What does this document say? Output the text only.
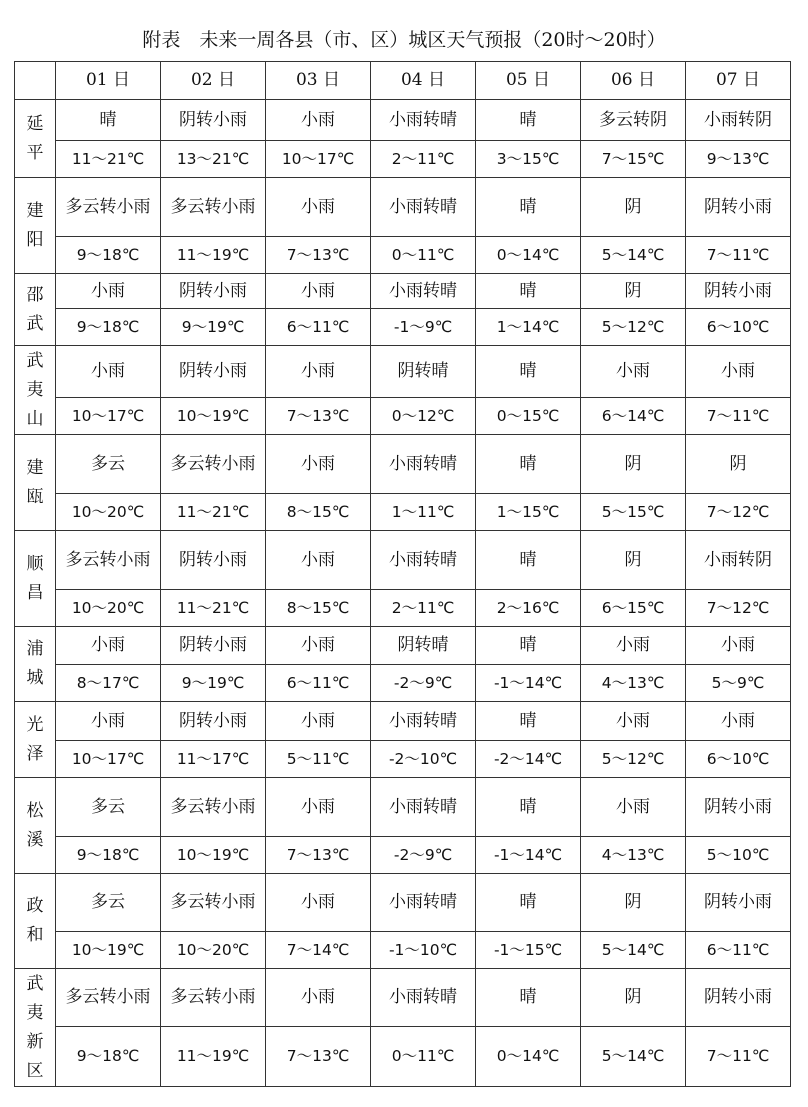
附表　未来一周各县（市、区）城区天气预报（20时～20时）
	01 日	02 日	03 日	04 日	05 日	06 日	07 日

延
平	晴	阴转小雨	小雨	小雨转晴	晴	多云转阴	小雨转阴
	11～21℃	13～21℃	10～17℃	2～11℃	3～15℃	7～15℃	9～13℃

建
阳	多云转小雨	多云转小雨	小雨	小雨转晴	晴	阴	阴转小雨
	9～18℃	11～19℃	7～13℃	0～11℃	0～14℃	5～14℃	7～11℃

邵
武	小雨	阴转小雨	小雨	小雨转晴	晴	阴	阴转小雨
	9～18℃	9～19℃	6～11℃	-1～9℃	1～14℃	5～12℃	6～10℃

武
夷
山	小雨	阴转小雨	小雨	阴转晴	晴	小雨	小雨
	10～17℃	10～19℃	7～13℃	0～12℃	0～15℃	6～14℃	7～11℃

建
瓯	多云	多云转小雨	小雨	小雨转晴	晴	阴	阴
	10～20℃	11～21℃	8～15℃	1～11℃	1～15℃	5～15℃	7～12℃

顺
昌	多云转小雨	阴转小雨	小雨	小雨转晴	晴	阴	小雨转阴
	10～20℃	11～21℃	8～15℃	2～11℃	2～16℃	6～15℃	7～12℃

浦
城	小雨	阴转小雨	小雨	阴转晴	晴	小雨	小雨
	8～17℃	9～19℃	6～11℃	-2～9℃	-1～14℃	4～13℃	5～9℃

光
泽	小雨	阴转小雨	小雨	小雨转晴	晴	小雨	小雨
	10～17℃	11～17℃	5～11℃	-2～10℃	-2～14℃	5～12℃	6～10℃

松
溪	多云	多云转小雨	小雨	小雨转晴	晴	小雨	阴转小雨
	9～18℃	10～19℃	7～13℃	-2～9℃	-1～14℃	4～13℃	5～10℃

政
和	多云	多云转小雨	小雨	小雨转晴	晴	阴	阴转小雨
	10～19℃	10～20℃	7～14℃	-1～10℃	-1～15℃	5～14℃	6～11℃

武
夷
新
区	多云转小雨	多云转小雨	小雨	小雨转晴	晴	阴	阴转小雨
	9～18℃	11～19℃	7～13℃	0～11℃	0～14℃	5～14℃	7～11℃
